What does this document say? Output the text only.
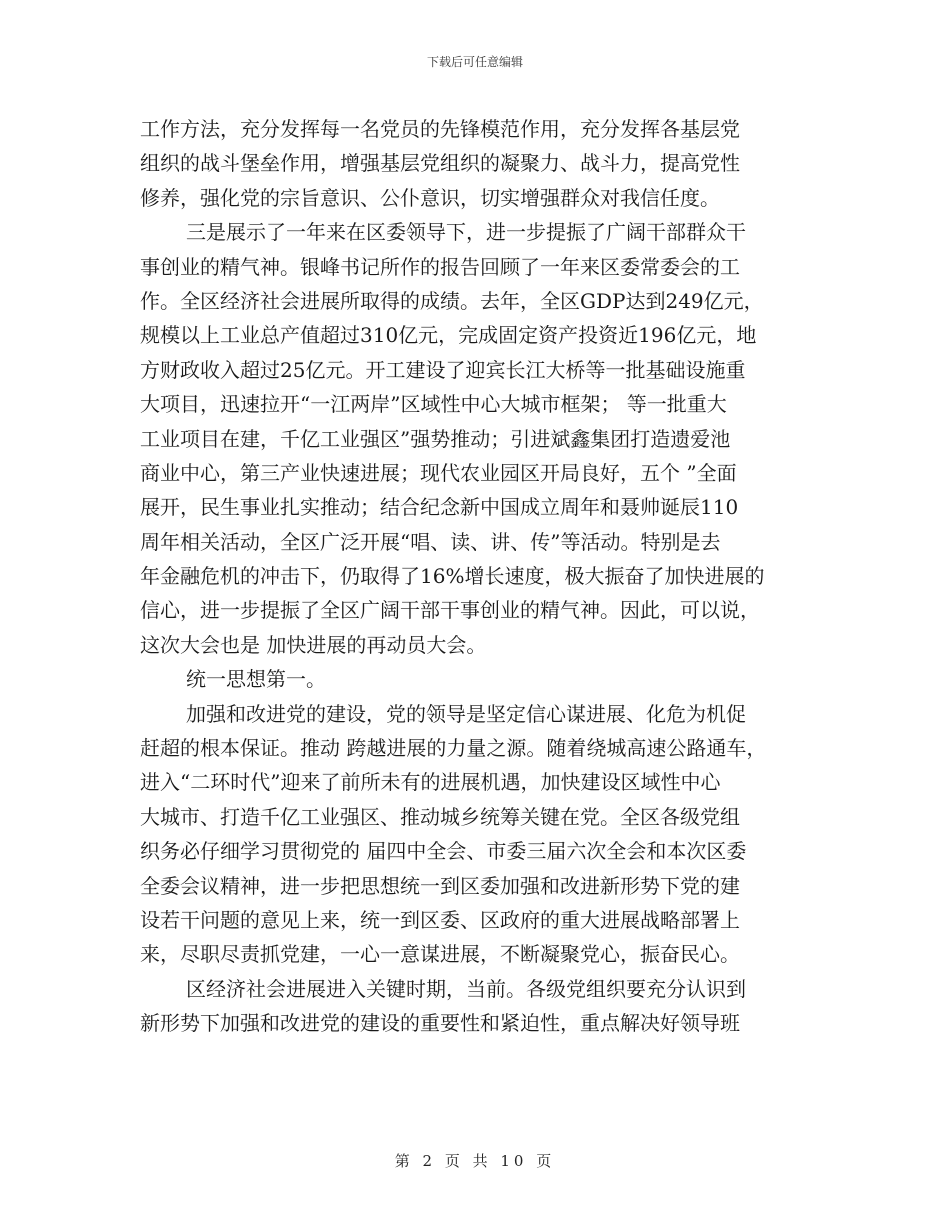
下载后可任意编辑
工作方法，充分发挥每一名党员的先锋模范作用，充分发挥各基层党
组织的战斗堡垒作用，增强基层党组织的凝聚力、战斗力，提高党性
修养，强化党的宗旨意识、公仆意识，切实增强群众对我信任度。
三是展示了一年来在区委领导下，进一步提振了广阔干部群众干
事创业的精气神。银峰书记所作的报告回顾了一年来区委常委会的工
作。全区经济社会进展所取得的成绩。去年，全区GDP达到249亿元，
规模以上工业总产值超过310亿元，完成固定资产投资近196亿元，地
方财政收入超过25亿元。开工建设了迎宾长江大桥等一批基础设施重
大项目，迅速拉开“一江两岸”区域性中心大城市框架； 等一批重大
工业项目在建，千亿工业强区”强势推动；引进斌鑫集团打造遗爱池
商业中心，第三产业快速进展；现代农业园区开局良好，五个 ”全面
展开，民生事业扎实推动；结合纪念新中国成立周年和聂帅诞辰110
周年相关活动，全区广泛开展“唱、读、讲、传”等活动。特别是去
年金融危机的冲击下，仍取得了16%增长速度，极大振奋了加快进展的
信心，进一步提振了全区广阔干部干事创业的精气神。因此，可以说，
这次大会也是 加快进展的再动员大会。
统一思想第一。
加强和改进党的建设，党的领导是坚定信心谋进展、化危为机促
赶超的根本保证。推动 跨越进展的力量之源。随着绕城高速公路通车，
进入“二环时代”迎来了前所未有的进展机遇，加快建设区域性中心
大城市、打造千亿工业强区、推动城乡统筹关键在党。全区各级党组
织务必仔细学习贯彻党的 届四中全会、市委三届六次全会和本次区委
全委会议精神，进一步把思想统一到区委加强和改进新形势下党的建
设若干问题的意见上来，统一到区委、区政府的重大进展战略部署上
来，尽职尽责抓党建，一心一意谋进展，不断凝聚党心，振奋民心。
区经济社会进展进入关键时期，当前。各级党组织要充分认识到
新形势下加强和改进党的建设的重要性和紧迫性，重点解决好领导班
第 2 页 共 10 页
